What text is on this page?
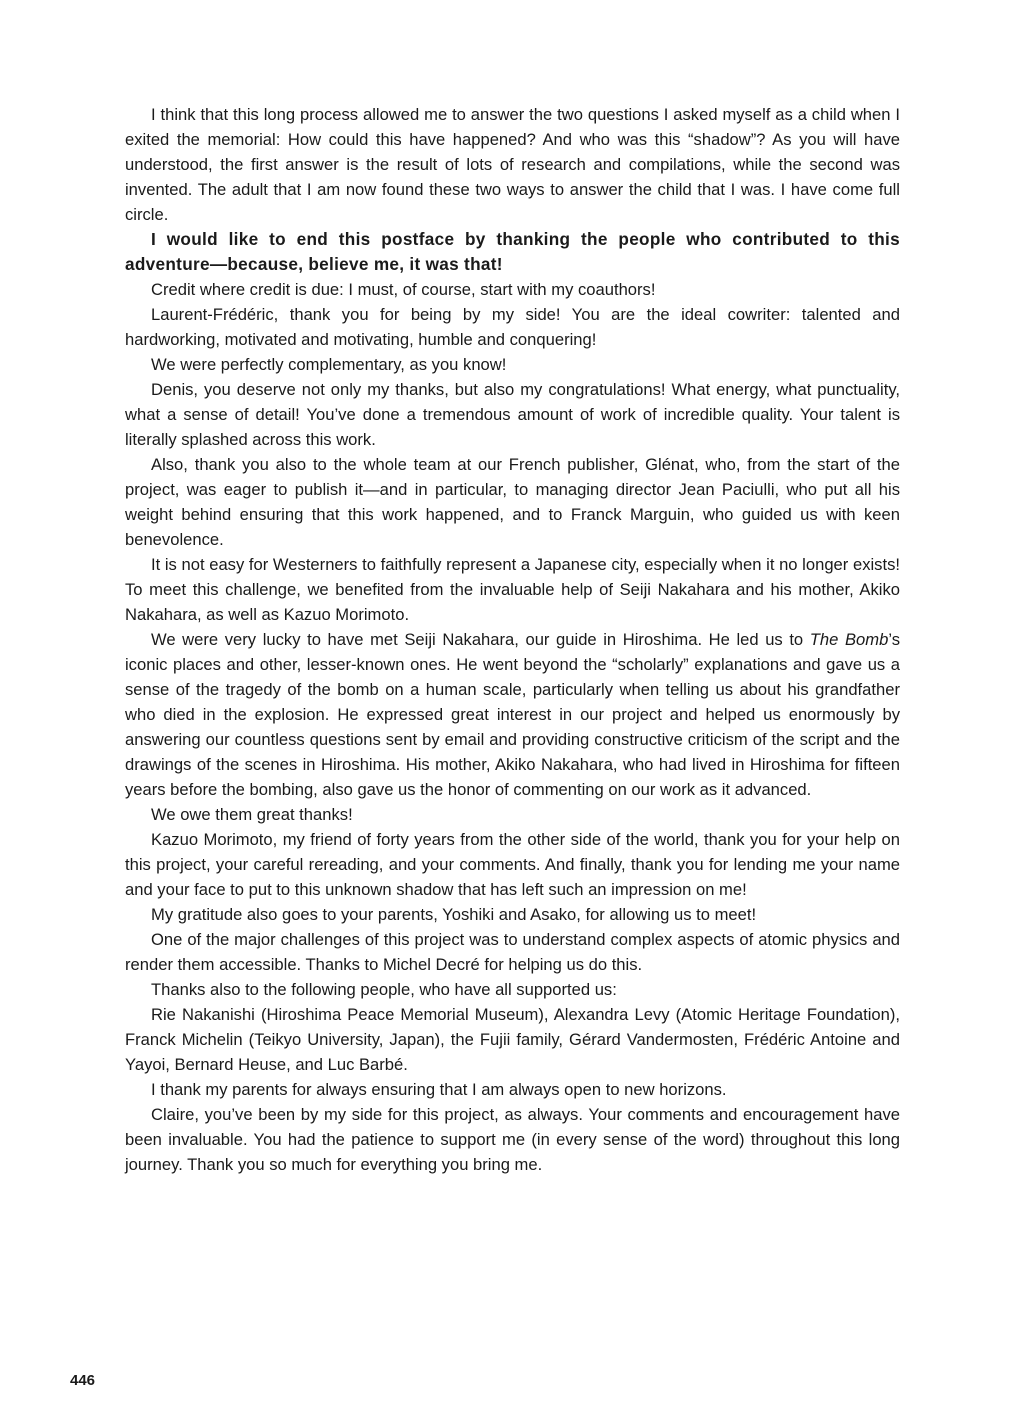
I think that this long process allowed me to answer the two questions I asked myself as a child when I exited the memorial: How could this have happened? And who was this “shadow”? As you will have understood, the first answer is the result of lots of research and compilations, while the second was invented. The adult that I am now found these two ways to answer the child that I was. I have come full circle.

I would like to end this postface by thanking the people who contributed to this adventure—because, believe me, it was that!

Credit where credit is due: I must, of course, start with my coauthors!

Laurent-Frédéric, thank you for being by my side! You are the ideal cowriter: talented and hardworking, motivated and motivating, humble and conquering!

We were perfectly complementary, as you know!

Denis, you deserve not only my thanks, but also my congratulations! What energy, what punctuality, what a sense of detail! You’ve done a tremendous amount of work of incredible quality. Your talent is literally splashed across this work.

Also, thank you also to the whole team at our French publisher, Glénat, who, from the start of the project, was eager to publish it—and in particular, to managing director Jean Paciulli, who put all his weight behind ensuring that this work happened, and to Franck Marguin, who guided us with keen benevolence.

It is not easy for Westerners to faithfully represent a Japanese city, especially when it no longer exists! To meet this challenge, we benefited from the invaluable help of Seiji Nakahara and his mother, Akiko Nakahara, as well as Kazuo Morimoto.

We were very lucky to have met Seiji Nakahara, our guide in Hiroshima. He led us to The Bomb’s iconic places and other, lesser-known ones. He went beyond the “scholarly” explanations and gave us a sense of the tragedy of the bomb on a human scale, particularly when telling us about his grandfather who died in the explosion. He expressed great interest in our project and helped us enormously by answering our countless questions sent by email and providing constructive criticism of the script and the drawings of the scenes in Hiroshima. His mother, Akiko Nakahara, who had lived in Hiroshima for fifteen years before the bombing, also gave us the honor of commenting on our work as it advanced.

We owe them great thanks!

Kazuo Morimoto, my friend of forty years from the other side of the world, thank you for your help on this project, your careful rereading, and your comments. And finally, thank you for lending me your name and your face to put to this unknown shadow that has left such an impression on me!

My gratitude also goes to your parents, Yoshiki and Asako, for allowing us to meet!

One of the major challenges of this project was to understand complex aspects of atomic physics and render them accessible. Thanks to Michel Decré for helping us do this.

Thanks also to the following people, who have all supported us:

Rie Nakanishi (Hiroshima Peace Memorial Museum), Alexandra Levy (Atomic Heritage Foundation), Franck Michelin (Teikyo University, Japan), the Fujii family, Gérard Vandermosten, Frédéric Antoine and Yayoi, Bernard Heuse, and Luc Barbé.

I thank my parents for always ensuring that I am always open to new horizons.

Claire, you’ve been by my side for this project, as always. Your comments and encouragement have been invaluable. You had the patience to support me (in every sense of the word) throughout this long journey. Thank you so much for everything you bring me.

446
